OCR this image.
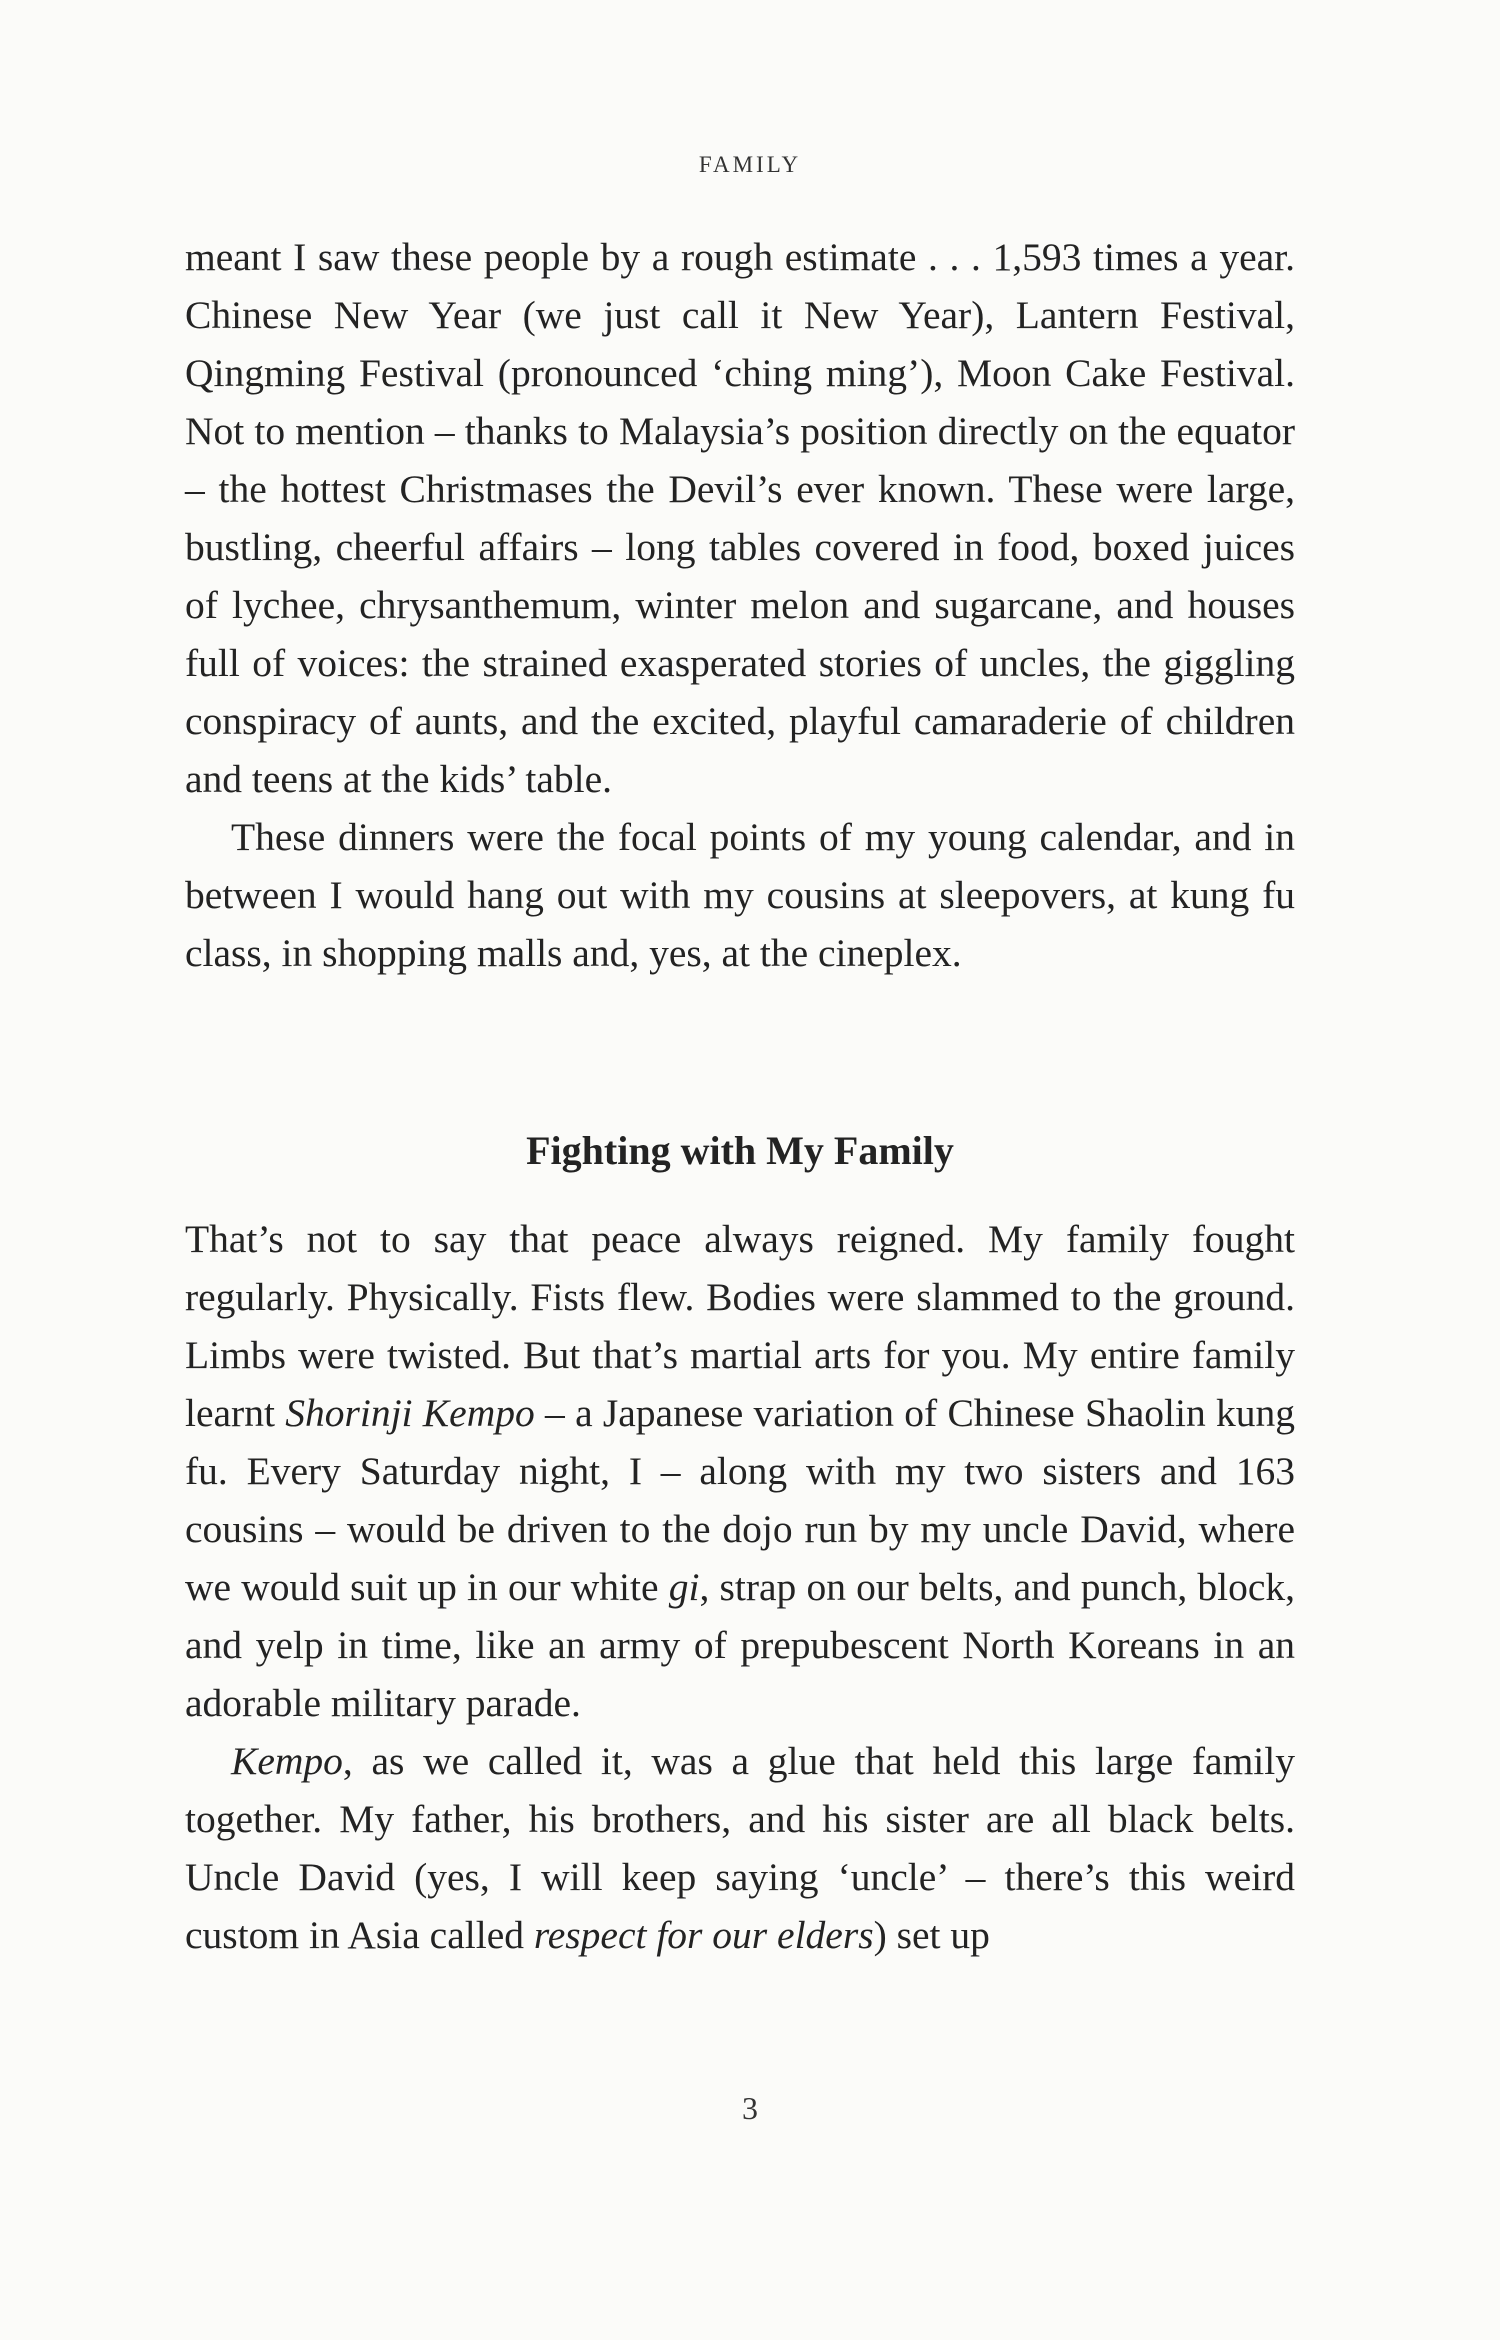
FAMILY

meant I saw these people by a rough estimate . . . 1,593 times a year. Chinese New Year (we just call it New Year), Lantern Festival, Qingming Festival (pronounced ‘ching ming’), Moon Cake Festival. Not to mention – thanks to Malaysia’s position directly on the equator – the hottest Christmases the Devil’s ever known. These were large, bustling, cheerful affairs – long tables covered in food, boxed juices of lychee, chrysanthemum, winter melon and sugarcane, and houses full of voices: the strained exasperated stories of uncles, the giggling conspiracy of aunts, and the excited, playful camaraderie of children and teens at the kids’ table.

These dinners were the focal points of my young calendar, and in between I would hang out with my cousins at sleepovers, at kung fu class, in shopping malls and, yes, at the cineplex.

Fighting with My Family

That’s not to say that peace always reigned. My family fought regularly. Physically. Fists flew. Bodies were slammed to the ground. Limbs were twisted. But that’s martial arts for you. My entire family learnt Shorinji Kempo – a Japanese variation of Chinese Shaolin kung fu. Every Saturday night, I – along with my two sisters and 163 cousins – would be driven to the dojo run by my uncle David, where we would suit up in our white gi, strap on our belts, and punch, block, and yelp in time, like an army of prepubescent North Koreans in an adorable military parade.

Kempo, as we called it, was a glue that held this large family together. My father, his brothers, and his sister are all black belts. Uncle David (yes, I will keep saying ‘uncle’ – there’s this weird custom in Asia called respect for our elders) set up

3
